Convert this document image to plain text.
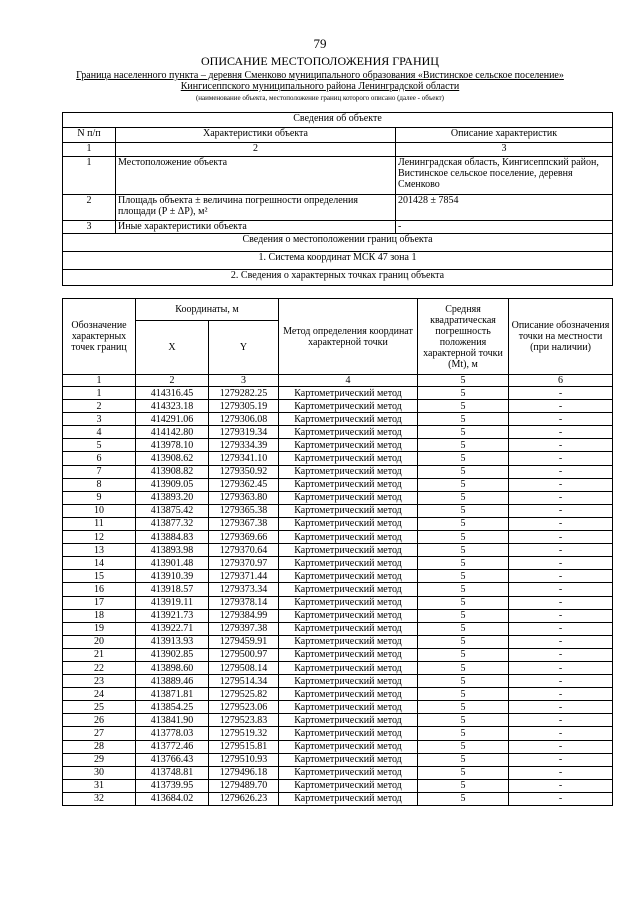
79
ОПИСАНИЕ МЕСТОПОЛОЖЕНИЯ ГРАНИЦ
Граница населенного пункта – деревня Сменково муниципального образования «Вистинское сельское поселение»
Кингисеппского муниципального района Ленинградской области
(наименование объекта, местоположение границ которого описано (далее - объект)
Сведения об объекте		
N п/п	Характеристики объекта	Описание характеристик
1	2	3
1	Местоположение объекта	Ленинградская область, Кингисеппский район, Вистинское сельское поселение, деревня Сменково
2	Площадь объекта ± величина погрешности определения площади (Р ± ΔР), м²	201428 ± 7854
3	Иные характеристики объекта	-
Сведения о местоположении границ объекта		
1. Система координат МСК 47 зона 1		
2. Сведения о характерных точках границ объекта		
Обозначение характерных точек границ	Координаты, м		Метод определения координат характерной точки	Средняя квадратическая погрешность положения характерной точки (Mt), м	Описание обозначения точки на местности (при наличии)
	X	Y			
1	2	3	4	5	6
1	414316.45	1279282.25	Картометрический метод	5	-
2	414323.18	1279305.19	Картометрический метод	5	-
3	414291.06	1279306.08	Картометрический метод	5	-
4	414142.80	1279319.34	Картометрический метод	5	-
5	413978.10	1279334.39	Картометрический метод	5	-
6	413908.62	1279341.10	Картометрический метод	5	-
7	413908.82	1279350.92	Картометрический метод	5	-
8	413909.05	1279362.45	Картометрический метод	5	-
9	413893.20	1279363.80	Картометрический метод	5	-
10	413875.42	1279365.38	Картометрический метод	5	-
11	413877.32	1279367.38	Картометрический метод	5	-
12	413884.83	1279369.66	Картометрический метод	5	-
13	413893.98	1279370.64	Картометрический метод	5	-
14	413901.48	1279370.97	Картометрический метод	5	-
15	413910.39	1279371.44	Картометрический метод	5	-
16	413918.57	1279373.34	Картометрический метод	5	-
17	413919.11	1279378.14	Картометрический метод	5	-
18	413921.73	1279384.99	Картометрический метод	5	-
19	413922.71	1279397.38	Картометрический метод	5	-
20	413913.93	1279459.91	Картометрический метод	5	-
21	413902.85	1279500.97	Картометрический метод	5	-
22	413898.60	1279508.14	Картометрический метод	5	-
23	413889.46	1279514.34	Картометрический метод	5	-
24	413871.81	1279525.82	Картометрический метод	5	-
25	413854.25	1279523.06	Картометрический метод	5	-
26	413841.90	1279523.83	Картометрический метод	5	-
27	413778.03	1279519.32	Картометрический метод	5	-
28	413772.46	1279515.81	Картометрический метод	5	-
29	413766.43	1279510.93	Картометрический метод	5	-
30	413748.81	1279496.18	Картометрический метод	5	-
31	413739.95	1279489.70	Картометрический метод	5	-
32	413684.02	1279626.23	Картометрический метод	5	-
